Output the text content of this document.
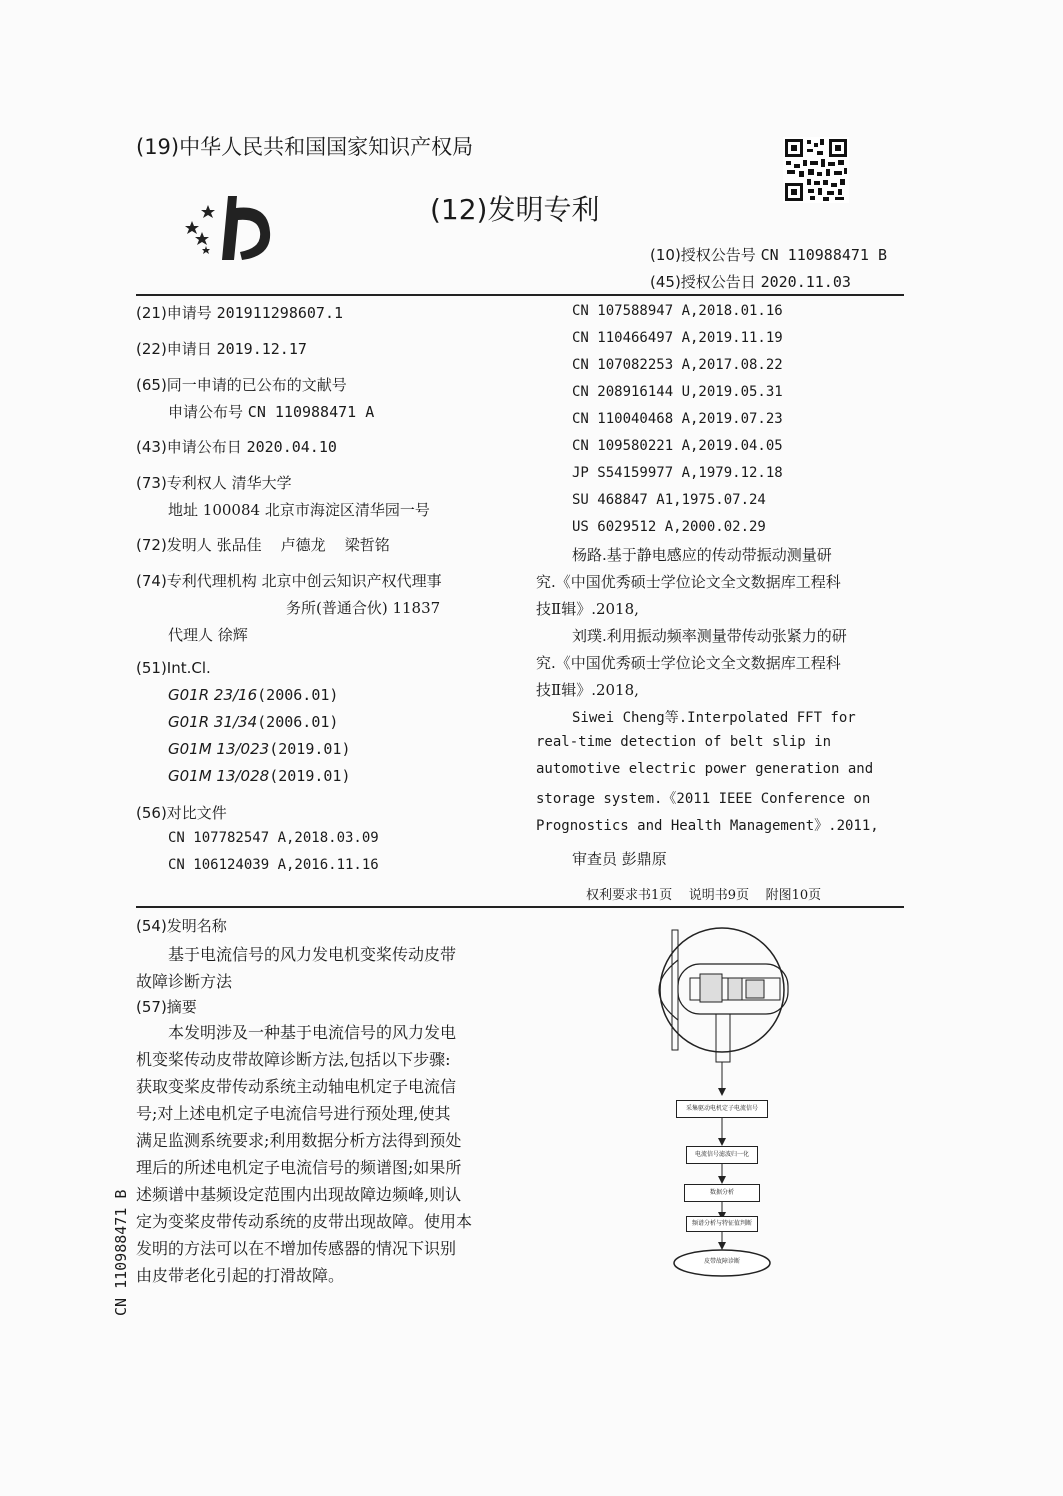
(19)中华人民共和国国家知识产权局
(12)发明专利
(10)授权公告号 CN 110988471 B
(45)授权公告日 2020.11.03
(21)申请号 201911298607.1
(22)申请日 2019.12.17
(65)同一申请的已公布的文献号
申请公布号 CN 110988471 A
(43)申请公布日 2020.04.10
(73)专利权人 清华大学
地址 100084 北京市海淀区清华园一号
(72)发明人 张品佳 卢德龙 梁哲铭
(74)专利代理机构 北京中创云知识产权代理事
务所(普通合伙) 11837
代理人 徐辉
(51)Int.Cl.
G01R 23/16(2006.01)
G01R 31/34(2006.01)
G01M 13/023(2019.01)
G01M 13/028(2019.01)
(56)对比文件
CN 107782547 A,2018.03.09
CN 106124039 A,2016.11.16
CN 107588947 A,2018.01.16
CN 110466497 A,2019.11.19
CN 107082253 A,2017.08.22
CN 208916144 U,2019.05.31
CN 110040468 A,2019.07.23
CN 109580221 A,2019.04.05
JP S54159977 A,1979.12.18
SU 468847 A1,1975.07.24
US 6029512 A,2000.02.29
杨路.基于静电感应的传动带振动测量研
究.《中国优秀硕士学位论文全文数据库工程科
技Ⅱ辑》.2018,
刘璞.利用振动频率测量带传动张紧力的研
究.《中国优秀硕士学位论文全文数据库工程科
技Ⅱ辑》.2018,
Siwei Cheng等.Interpolated FFT for
real-time detection of belt slip in
automotive electric power generation and
storage system.《2011 IEEE Conference on
Prognostics and Health Management》.2011,
审查员 彭鼎原
权利要求书1页    说明书9页    附图10页
(54)发明名称
基于电流信号的风力发电机变桨传动皮带
故障诊断方法
(57)摘要
本发明涉及一种基于电流信号的风力发电
机变桨传动皮带故障诊断方法,包括以下步骤:
获取变桨皮带传动系统主动轴电机定子电流信
号;对上述电机定子电流信号进行预处理,使其
满足监测系统要求;利用数据分析方法得到预处
理后的所述电机定子电流信号的频谱图;如果所
述频谱中基频设定范围内出现故障边频峰,则认
定为变桨皮带传动系统的皮带出现故障。使用本
发明的方法可以在不增加传感器的情况下识别
由皮带老化引起的打滑故障。
采集驱动电机定子电流信号
电流信号滤波归一化
数据分析
频谱分析与特征值判断
皮带故障诊断
CN 110988471 B
